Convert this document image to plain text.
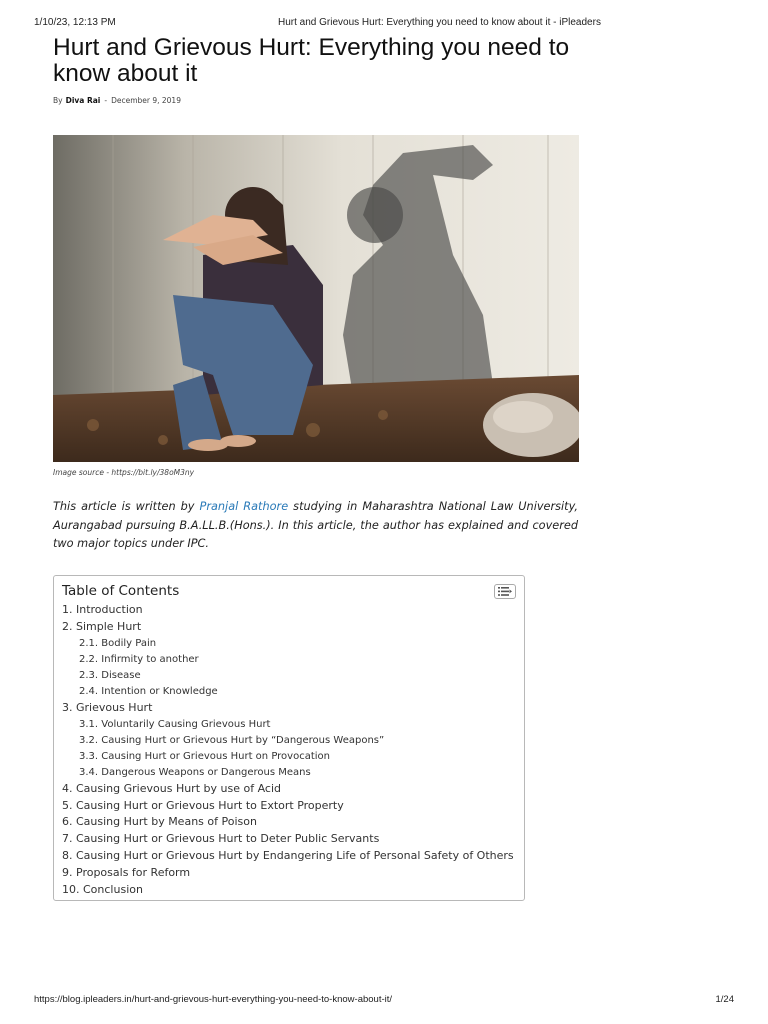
1/10/23, 12:13 PM	Hurt and Grievous Hurt: Everything you need to know about it - iPleaders
Hurt and Grievous Hurt: Everything you need to know about it
By Diva Rai - December 9, 2019
Image source - https://bit.ly/38oM3ny

This article is written by Pranjal Rathore studying in Maharashtra National Law University, Aurangabad pursuing B.A.LL.B.(Hons.). In this article, the author has explained and covered two major topics under IPC.

Table of Contents
1. Introduction
2. Simple Hurt
2.1. Bodily Pain
2.2. Infirmity to another
2.3. Disease
2.4. Intention or Knowledge
3. Grievous Hurt
3.1. Voluntarily Causing Grievous Hurt
3.2. Causing Hurt or Grievous Hurt by “Dangerous Weapons”
3.3. Causing Hurt or Grievous Hurt on Provocation
3.4. Dangerous Weapons or Dangerous Means
4. Causing Grievous Hurt by use of Acid
5. Causing Hurt or Grievous Hurt to Extort Property
6. Causing Hurt by Means of Poison
7. Causing Hurt or Grievous Hurt to Deter Public Servants
8. Causing Hurt or Grievous Hurt by Endangering Life of Personal Safety of Others
9. Proposals for Reform
10. Conclusion
https://blog.ipleaders.in/hurt-and-grievous-hurt-everything-you-need-to-know-about-it/	1/24
